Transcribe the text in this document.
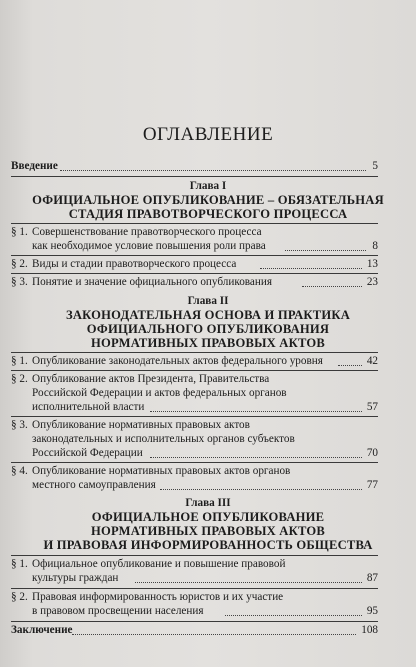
ОГЛАВЛЕНИЕ
Введение	5
Глава I
ОФИЦИАЛЬНОЕ ОПУБЛИКОВАНИЕ – ОБЯЗАТЕЛЬНАЯ
СТАДИЯ ПРАВОТВОРЧЕСКОГО ПРОЦЕССА
§ 1. Совершенствование правотворческого процесса
как необходимое условие повышения роли права	8
§ 2. Виды и стадии правотворческого процесса	13
§ 3. Понятие и значение официального опубликования	23
Глава II
ЗАКОНОДАТЕЛЬНАЯ ОСНОВА И ПРАКТИКА
ОФИЦИАЛЬНОГО ОПУБЛИКОВАНИЯ
НОРМАТИВНЫХ ПРАВОВЫХ АКТОВ
§ 1. Опубликование законодательных актов федерального уровня	42
§ 2. Опубликование актов Президента, Правительства
Российской Федерации и актов федеральных органов
исполнительной власти	57
§ 3. Опубликование нормативных правовых актов
законодательных и исполнительных органов субъектов
Российской Федерации	70
§ 4. Опубликование нормативных правовых актов органов
местного самоуправления	77
Глава III
ОФИЦИАЛЬНОЕ ОПУБЛИКОВАНИЕ
НОРМАТИВНЫХ ПРАВОВЫХ АКТОВ
И ПРАВОВАЯ ИНФОРМИРОВАННОСТЬ ОБЩЕСТВА
§ 1. Официальное опубликование и повышение правовой
культуры граждан	87
§ 2. Правовая информированность юристов и их участие
в правовом просвещении населения	95
Заключение	108
